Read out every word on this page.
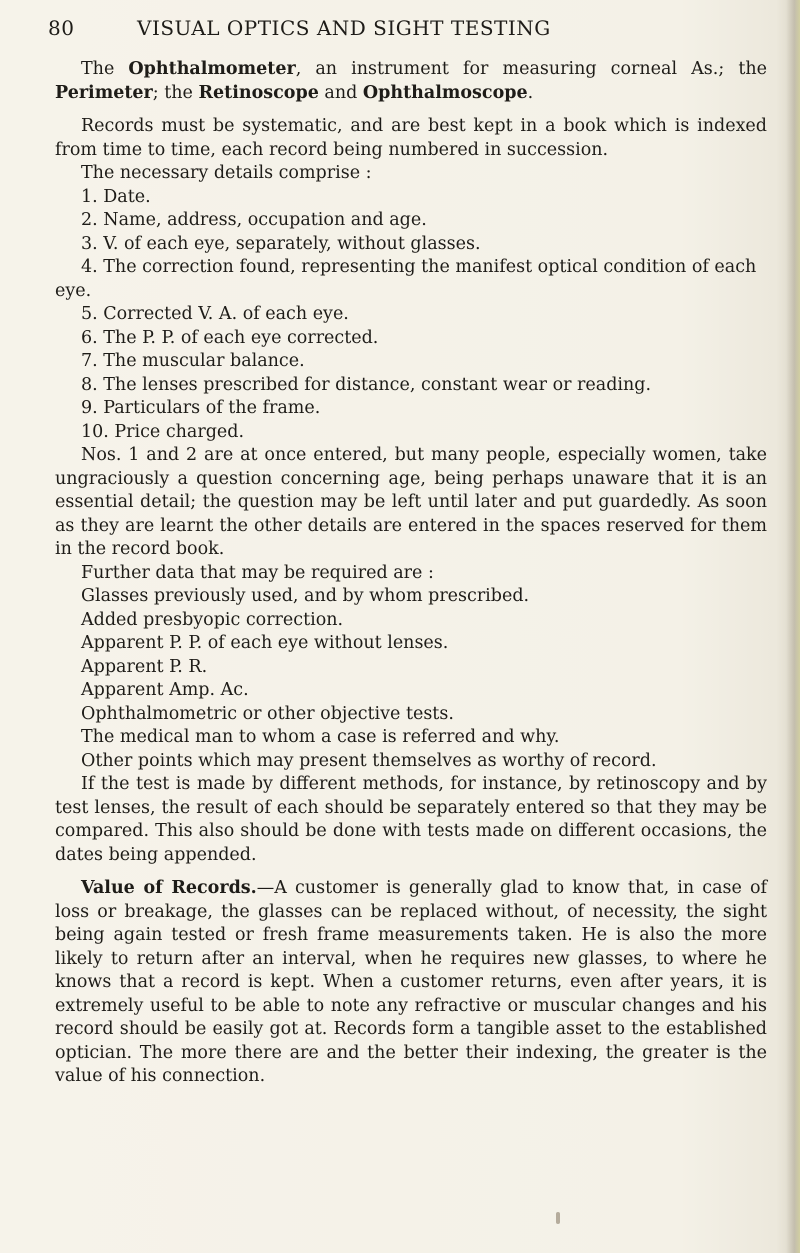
80	VISUAL OPTICS AND SIGHT TESTING

The Ophthalmometer, an instrument for measuring corneal As.; the Perimeter; the Retinoscope and Ophthalmoscope.

Records must be systematic, and are best kept in a book which is indexed from time to time, each record being numbered in succession.

The necessary details comprise :

1. Date.

2. Name, address, occupation and age.

3. V. of each eye, separately, without glasses.

4. The correction found, representing the manifest optical condition of each eye.

5. Corrected V. A. of each eye.

6. The P. P. of each eye corrected.

7. The muscular balance.

8. The lenses prescribed for distance, constant wear or reading.

9. Particulars of the frame.

10. Price charged.

Nos. 1 and 2 are at once entered, but many people, especially women, take ungraciously a question concerning age, being perhaps unaware that it is an essential detail; the question may be left until later and put guardedly. As soon as they are learnt the other details are entered in the spaces reserved for them in the record book.

Further data that may be required are :

Glasses previously used, and by whom prescribed.

Added presbyopic correction.

Apparent P. P. of each eye without lenses.

Apparent P. R.

Apparent Amp. Ac.

Ophthalmometric or other objective tests.

The medical man to whom a case is referred and why.

Other points which may present themselves as worthy of record.

If the test is made by different methods, for instance, by retinoscopy and by test lenses, the result of each should be separately entered so that they may be compared. This also should be done with tests made on different occasions, the dates being appended.

Value of Records.—A customer is generally glad to know that, in case of loss or breakage, the glasses can be replaced without, of necessity, the sight being again tested or fresh frame measurements taken. He is also the more likely to return after an interval, when he requires new glasses, to where he knows that a record is kept. When a customer returns, even after years, it is extremely useful to be able to note any refractive or muscular changes and his record should be easily got at. Records form a tangible asset to the established optician. The more there are and the better their indexing, the greater is the value of his connection.
